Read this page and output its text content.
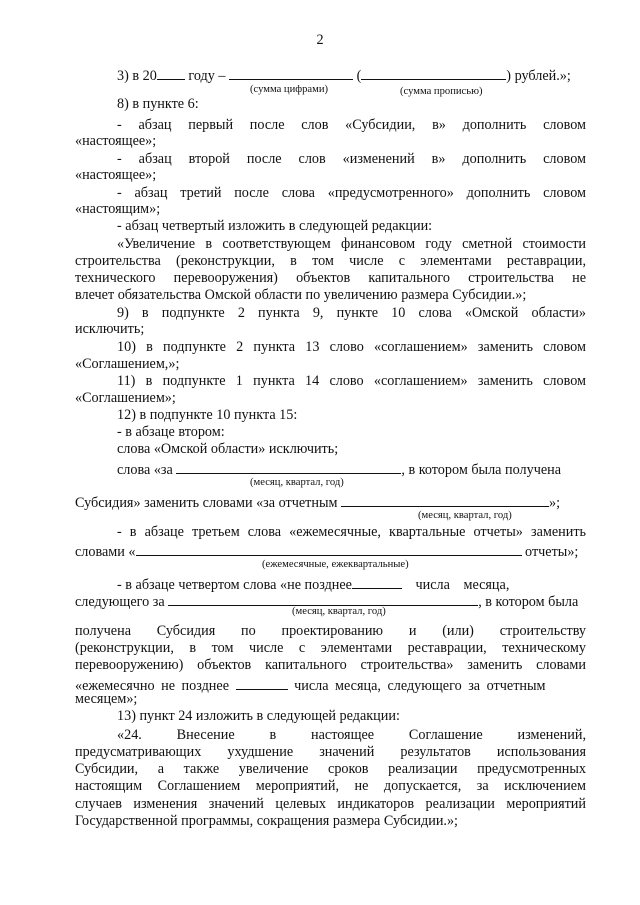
2
3) в 20 году –	(	) рублей.»;
(сумма цифрами)	(сумма прописью)
8) в пункте 6:
- абзац первый после слов «Субсидии, в» дополнить словом
«настоящее»;
- абзац второй после слов «изменений в» дополнить словом
«настоящее»;
- абзац третий после слова «предусмотренного» дополнить словом
«настоящим»;
- абзац четвертый изложить в следующей редакции:
«Увеличение в соответствующем финансовом году сметной стоимости
строительства (реконструкции, в том числе с элементами реставрации,
технического перевооружения) объектов капитального строительства не
влечет обязательства Омской области по увеличению размера Субсидии.»;
9) в подпункте 2 пункта 9, пункте 10 слова «Омской области»
исключить;
10) в подпункте 2 пункта 13 слово «соглашением» заменить словом
«Соглашением,»;
11) в подпункте 1 пункта 14 слово «соглашением» заменить словом
«Соглашением»;
12) в подпункте 10 пункта 15:
- в абзаце втором:
слова «Омской области» исключить;
слова «за	, в котором была получена
(месяц, квартал, год)
Субсидия» заменить словами «за отчетным	»;
(месяц, квартал, год)
- в абзаце третьем слова «ежемесячные, квартальные отчеты» заменить
словами «	отчеты»;
(ежемесячные, ежеквартальные)
- в абзаце четвертом слова «не позднее	числа месяца,
следующего за	, в котором была
(месяц, квартал, год)
получена Субсидия по проектированию и (или) строительству
(реконструкции, в том числе с элементами реставрации, техническому
перевооружению) объектов капитального строительства» заменить словами
«ежемесячно не позднее	числа месяца, следующего за отчетным
месяцем»;
13) пункт 24 изложить в следующей редакции:
«24. Внесение в настоящее Соглашение изменений,
предусматривающих ухудшение значений результатов использования
Субсидии, а также увеличение сроков реализации предусмотренных
настоящим Соглашением мероприятий, не допускается, за исключением
случаев изменения значений целевых индикаторов реализации мероприятий
Государственной программы, сокращения размера Субсидии.»;
